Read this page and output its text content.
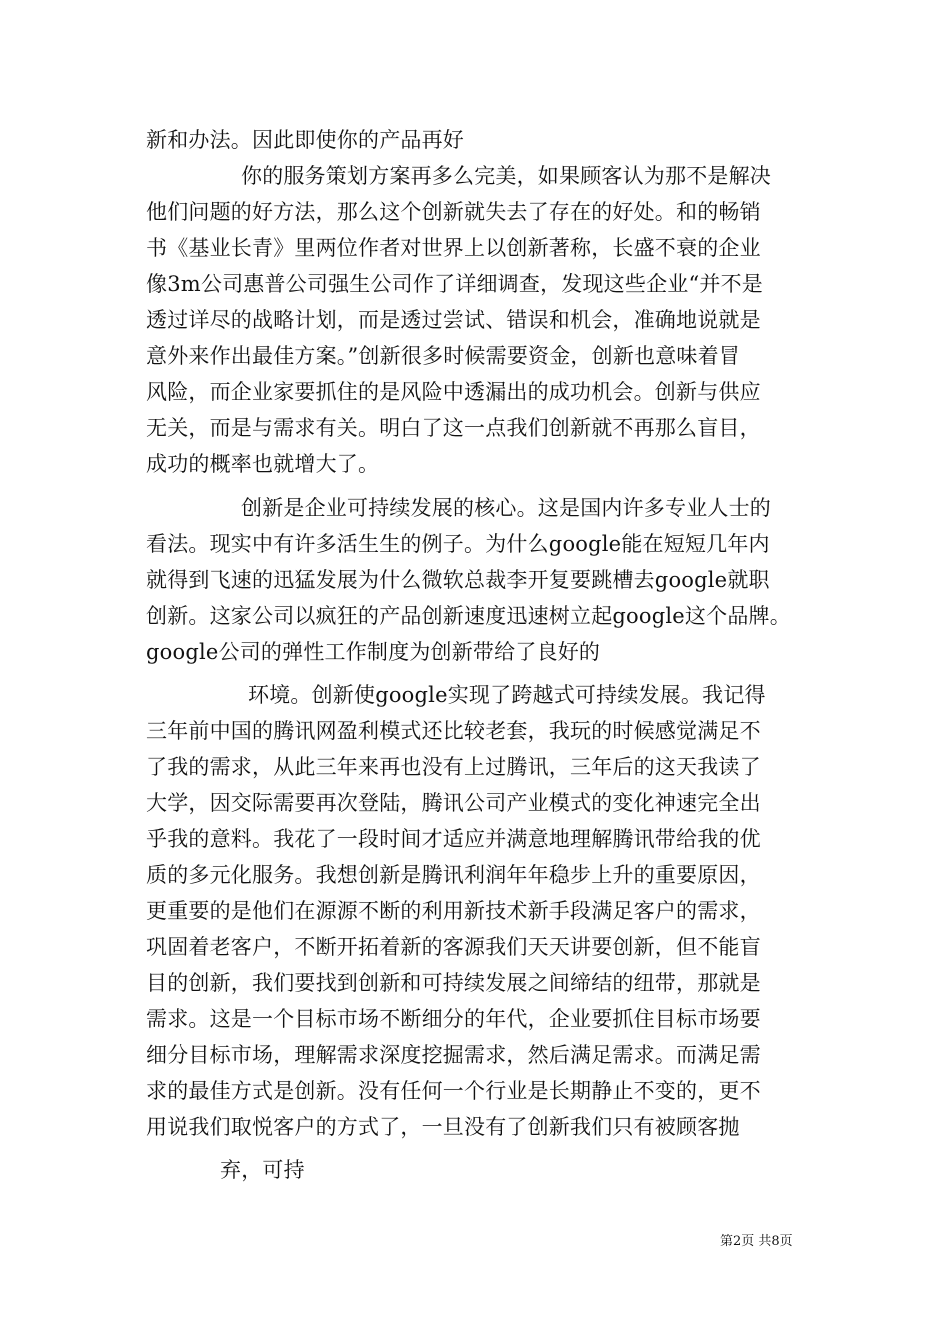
新和办法。因此即使你的产品再好
你的服务策划方案再多么完美，如果顾客认为那不是解决
他们问题的好方法，那么这个创新就失去了存在的好处。和的畅销
书《基业长青》里两位作者对世界上以创新著称，长盛不衰的企业
像3m公司惠普公司强生公司作了详细调查，发现这些企业“并不是
透过详尽的战略计划，而是透过尝试、错误和机会，准确地说就是
意外来作出最佳方案。”创新很多时候需要资金，创新也意味着冒
风险，而企业家要抓住的是风险中透漏出的成功机会。创新与供应
无关，而是与需求有关。明白了这一点我们创新就不再那么盲目，
成功的概率也就增大了。
创新是企业可持续发展的核心。这是国内许多专业人士的
看法。现实中有许多活生生的例子。为什么google能在短短几年内
就得到飞速的迅猛发展为什么微软总裁李开复要跳槽去google就职
创新。这家公司以疯狂的产品创新速度迅速树立起google这个品牌。
google公司的弹性工作制度为创新带给了良好的
环境。创新使google实现了跨越式可持续发展。我记得
三年前中国的腾讯网盈利模式还比较老套，我玩的时候感觉满足不
了我的需求，从此三年来再也没有上过腾讯，三年后的这天我读了
大学，因交际需要再次登陆，腾讯公司产业模式的变化神速完全出
乎我的意料。我花了一段时间才适应并满意地理解腾讯带给我的优
质的多元化服务。我想创新是腾讯利润年年稳步上升的重要原因，
更重要的是他们在源源不断的利用新技术新手段满足客户的需求，
巩固着老客户，不断开拓着新的客源我们天天讲要创新，但不能盲
目的创新，我们要找到创新和可持续发展之间缔结的纽带，那就是
需求。这是一个目标市场不断细分的年代，企业要抓住目标市场要
细分目标市场，理解需求深度挖掘需求，然后满足需求。而满足需
求的最佳方式是创新。没有任何一个行业是长期静止不变的，更不
用说我们取悦客户的方式了，一旦没有了创新我们只有被顾客抛
弃，可持
第2页 共8页
